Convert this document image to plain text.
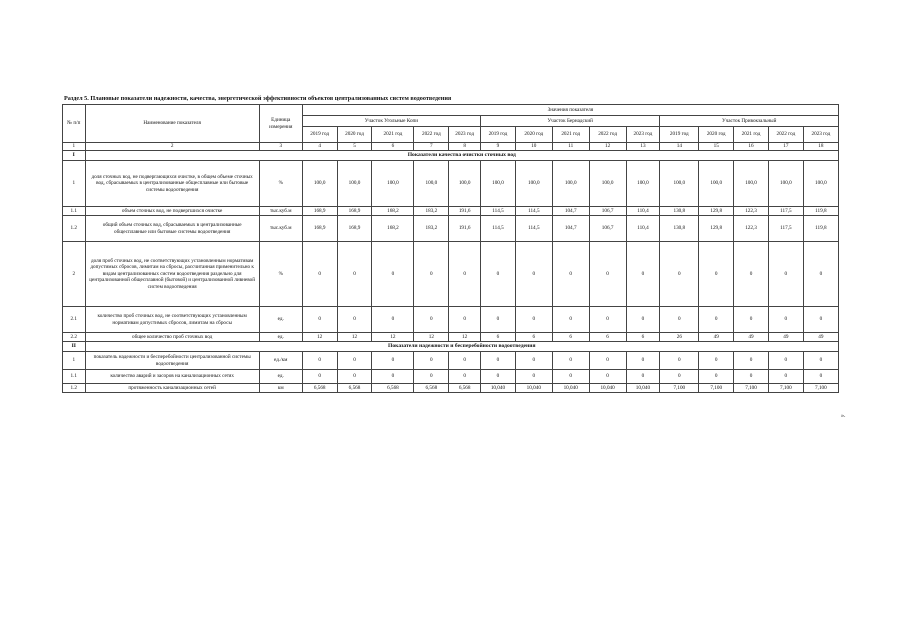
Раздел 5. Плановые показатели надежности, качества, энергетической эффективности объектов централизованных систем водоотведения
№ п/п	Наименование показателя	Единица измерения	Значения показателя														
			Участок Угольные Копи					Участок Бернадский					Участок Привокзальный				
			2019 год	2020 год	2021 год	2022 год	2023 год	2019 год	2020 год	2021 год	2022 год	2023 год	2019 год	2020 год	2021 год	2022 год	2023 год
1	2	3	4	5	6	7	8	9	10	11	12	13	14	15	16	17	18
I	Показатели качества очистки сточных вод																
1	доля сточных вод, не подвергающихся очистке, в общем объеме сточных вод, сбрасываемых в централизованные общесплавные или бытовые системы водоотведения	%	100,0	100,0	100,0	100,0	100,0	100,0	100,0	100,0	100,0	100,0	100,0	100,0	100,0	100,0	100,0
1.1	объем сточных вод, не подвергшихся очистке	тыс.куб.м	168,9	168,9	168,2	183,2	191,6	114,5	114,5	104,7	106,7	110,4	130,8	129,8	122,3	117,5	119,8
1.2	общий объем сточных вод, сбрасываемых в централизованные общесплавные или бытовые системы водоотведения	тыс.куб.м	168,9	168,9	168,2	183,2	191,6	114,5	114,5	104,7	106,7	110,4	130,8	129,8	122,3	117,5	119,8
2	доля проб сточных вод, не соответствующих установленным нормативам допустимых сбросов, лимитам на сбросы, рассчитанная применительно к видам централизованных систем водоотведения раздельно для централизованной общесплавной (бытовой) и централизованной ливневой систем водоотведения	%	0	0	0	0	0	0	0	0	0	0	0	0	0	0	0
2.1	количество проб сточных вод, не соответствующих установленным нормативам допустимых сбросов, лимитам на сбросы	ед.	0	0	0	0	0	0	0	0	0	0	0	0	0	0	0
2.2	общее количество проб сточных вод	ед.	12	12	12	12	12	6	6	6	6	6	26	49	49	49	49
II	Показатели надежности и бесперебойности водоотведения																
1	показатель надежности и бесперебойности централизованной системы водоотведения	ед./км	0	0	0	0	0	0	0	0	0	0	0	0	0	0	0
1.1	количество аварий и засоров на канализационных сетях	ед.	0	0	0	0	0	0	0	0	0	0	0	0	0	0	0
1.2	протяженность канализационных сетей	км	6,568	6,568	6,568	6,568	6,568	10,040	10,040	10,040	10,040	10,040	7,100	7,100	7,100	7,100	7,100
».
